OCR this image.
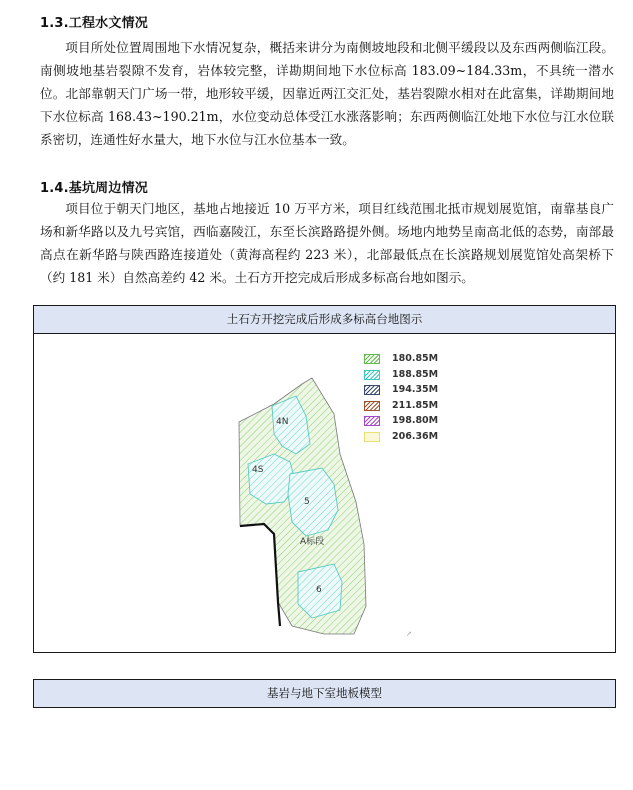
1.3.工程水文情况

项目所处位置周围地下水情况复杂，概括来讲分为南侧坡地段和北侧平缓段以及东西两侧临江段。南侧坡地基岩裂隙不发育，岩体较完整，详勘期间地下水位标高 183.09~184.33m，不具统一潜水位。北部靠朝天门广场一带，地形较平缓，因靠近两江交汇处，基岩裂隙水相对在此富集，详勘期间地下水位标高 168.43~190.21m，水位变动总体受江水涨落影响；东西两侧临江处地下水位与江水位联系密切，连通性好水量大，地下水位与江水位基本一致。

1.4.基坑周边情况

项目位于朝天门地区，基地占地接近 10 万平方米，项目红线范围北抵市规划展览馆，南靠基良广场和新华路以及九号宾馆，西临嘉陵江，东至长滨路路提外侧。场地内地势呈南高北低的态势，南部最高点在新华路与陕西路连接道处（黄海高程约 223 米），北部最低点在长滨路规划展览馆处高架桥下（约 181 米）自然高差约 42 米。土石方开挖完成后形成多标高台地如图示。

土石方开挖完成后形成多标高台地图示
4N
4S
5
A标段
6
↗
180.85M
188.85M
194.35M
211.85M
198.80M
206.36M
基岩与地下室地板模型
